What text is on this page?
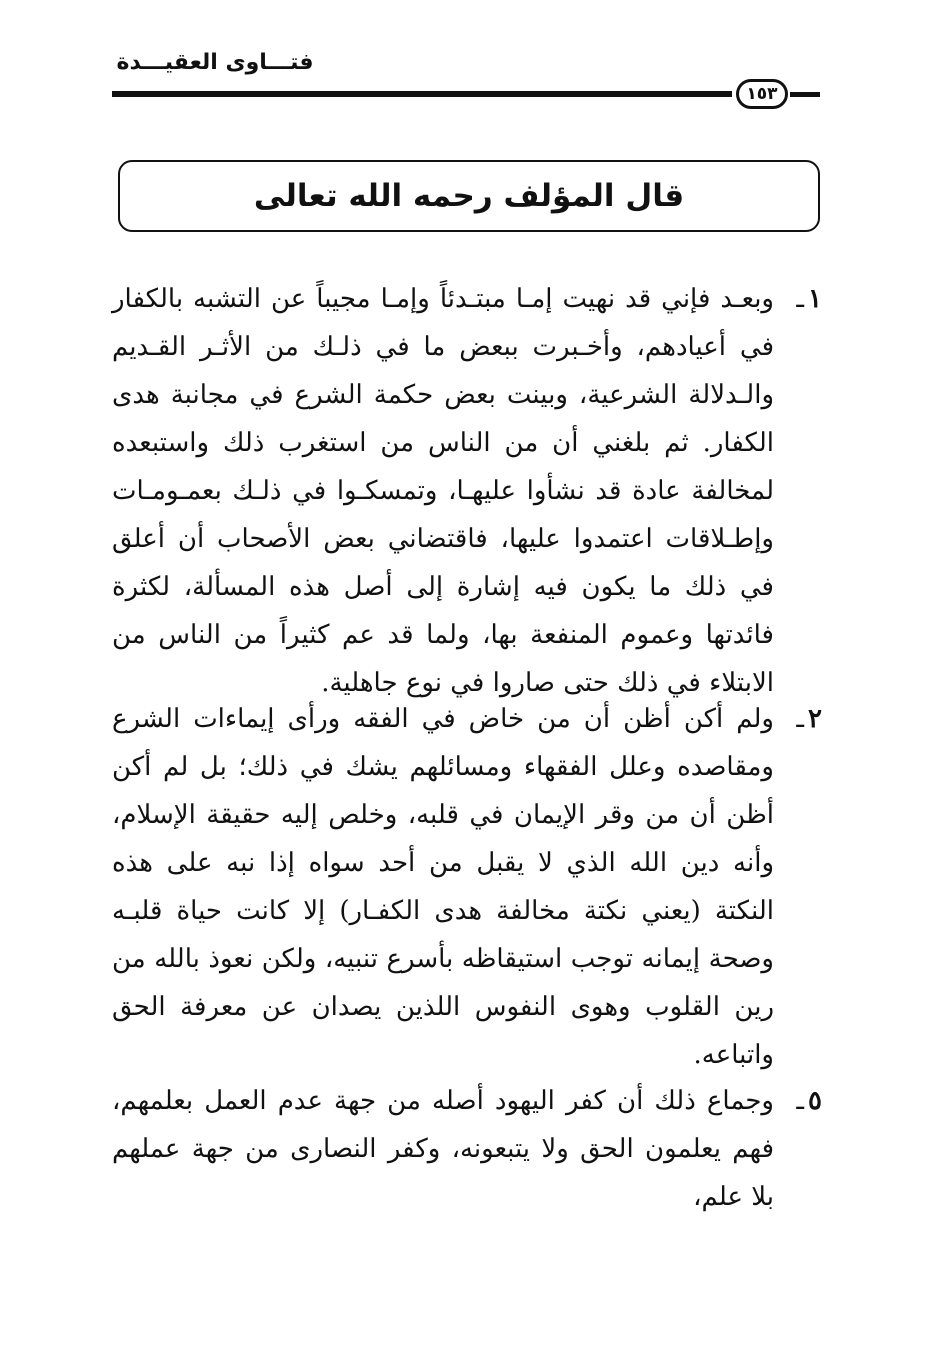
فتـــاوى العقيـــدة
١٥٣
قال المؤلف رحمه الله تعالى
١
ـ
وبعـد فإني قد نهيت إمـا مبتـدئاً وإمـا مجيباً عن التشبه بالكفار في أعيادهم، وأخـبرت ببعض ما في ذلـك من الأثـر القـديم والـدلالة الشرعية، وبينت بعض حكمة الشرع في مجانبة هدى الكفار. ثم بلغني أن من الناس من استغرب ذلك واستبعده لمخالفة عادة قد نشأوا عليهـا، وتمسكـوا في ذلـك بعمـومـات وإطـلاقات اعتمدوا عليها، فاقتضاني بعض الأصحاب أن أعلق في ذلك ما يكون فيه إشارة إلى أصل هذه المسألة، لكثرة فائدتها وعموم المنفعة بها، ولما قد عم كثيراً من الناس من الابتلاء في ذلك حتى صاروا في نوع جاهلية.
٢
ـ
ولم أكن أظن أن من خاض في الفقه ورأى إيماءات الشرع ومقاصده وعلل الفقهاء ومسائلهم يشك في ذلك؛ بل لم أكن أظن أن من وقر الإيمان في قلبه، وخلص إليه حقيقة الإسلام، وأنه دين الله الذي لا يقبل من أحد سواه إذا نبه على هذه النكتة (يعني نكتة مخالفة هدى الكفـار) إلا كانت حياة قلبـه وصحة إيمانه توجب استيقاظه بأسرع تنبيه، ولكن نعوذ بالله من رين القلوب وهوى النفوس اللذين يصدان عن معرفة الحق واتباعه.
٥
ـ
وجماع ذلك أن كفر اليهود أصله من جهة عدم العمل بعلمهم، فهم يعلمون الحق ولا يتبعونه، وكفر النصارى من جهة عملهم بلا علم،
